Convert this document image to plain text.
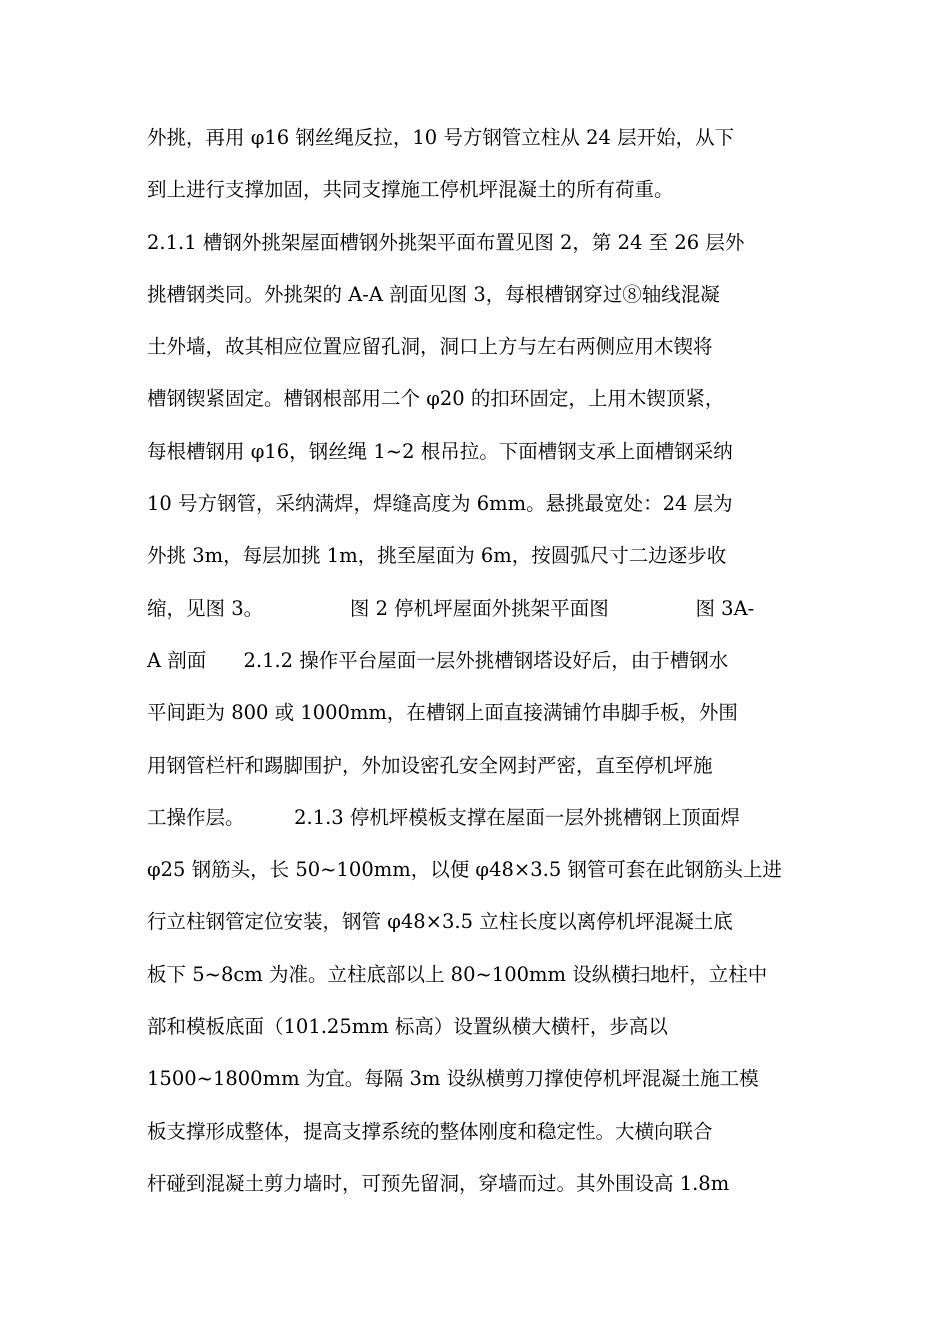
外挑，再用 φ16 钢丝绳反拉，10 号方钢管立柱从 24 层开始，从下
到上进行支撑加固，共同支撑施工停机坪混凝土的所有荷重。
2.1.1 槽钢外挑架屋面槽钢外挑架平面布置见图 2，第 24 至 26 层外
挑槽钢类同。外挑架的 A-A 剖面见图 3，每根槽钢穿过⑧轴线混凝
土外墙，故其相应位置应留孔洞，洞口上方与左右两侧应用木锲将
槽钢锲紧固定。槽钢根部用二个 φ20 的扣环固定，上用木锲顶紧，
每根槽钢用 φ16，钢丝绳 1~2 根吊拉。下面槽钢支承上面槽钢采纳
10 号方钢管，采纳满焊，焊缝高度为 6mm。悬挑最宽处：24 层为
外挑 3m，每层加挑 1m，挑至屋面为 6m，按圆弧尺寸二边逐步收
缩，见图 3。              图 2 停机坪屋面外挑架平面图              图 3A-
A 剖面      2.1.2 操作平台屋面一层外挑槽钢塔设好后，由于槽钢水
平间距为 800 或 1000mm，在槽钢上面直接满铺竹串脚手板，外围
用钢管栏杆和踢脚围护，外加设密孔安全网封严密，直至停机坪施
工操作层。        2.1.3 停机坪模板支撑在屋面一层外挑槽钢上顶面焊
φ25 钢筋头，长 50~100mm，以便 φ48×3.5 钢管可套在此钢筋头上进
行立柱钢管定位安装，钢管 φ48×3.5 立柱长度以离停机坪混凝土底
板下 5~8cm 为准。立柱底部以上 80~100mm 设纵横扫地杆，立柱中
部和模板底面（101.25mm 标高）设置纵横大横杆，步高以
1500~1800mm 为宜。每隔 3m 设纵横剪刀撑使停机坪混凝土施工模
板支撑形成整体，提高支撑系统的整体刚度和稳定性。大横向联合
杆碰到混凝土剪力墙时，可预先留洞，穿墙而过。其外围设高 1.8m
